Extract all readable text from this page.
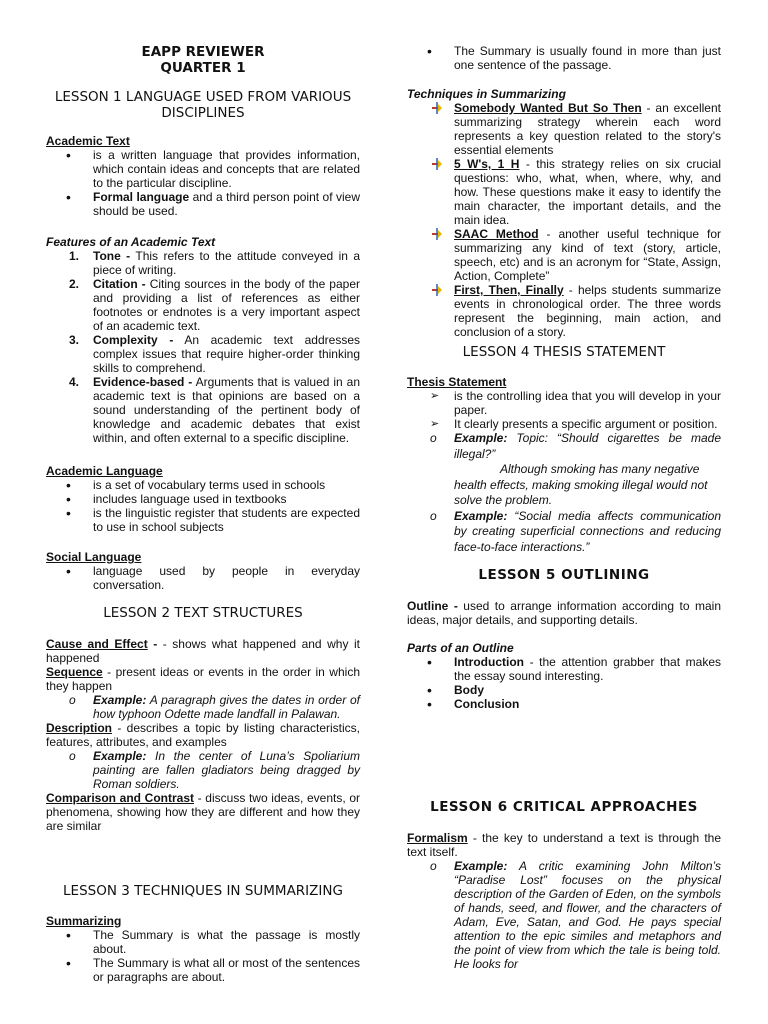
EAPP REVIEWER
QUARTER 1
LESSON 1 LANGUAGE USED FROM VARIOUS DISCIPLINES
Academic Text
• is a written language that provides information, which contain ideas and concepts that are related to the particular discipline.
• Formal language and a third person point of view should be used.
Features of an Academic Text
1. Tone - This refers to the attitude conveyed in a piece of writing.
2. Citation - Citing sources in the body of the paper and providing a list of references as either footnotes or endnotes is a very important aspect of an academic text.
3. Complexity - An academic text addresses complex issues that require higher-order thinking skills to comprehend.
4. Evidence-based - Arguments that is valued in an academic text is that opinions are based on a sound understanding of the pertinent body of knowledge and academic debates that exist within, and often external to a specific discipline.
Academic Language
• is a set of vocabulary terms used in schools
• includes language used in textbooks
• is the linguistic register that students are expected to use in school subjects
Social Language
• language used by people in everyday conversation.
LESSON 2 TEXT STRUCTURES
Cause and Effect - - shows what happened and why it happened
Sequence - present ideas or events in the order in which they happen
o Example: A paragraph gives the dates in order of how typhoon Odette made landfall in Palawan.
Description - describes a topic by listing characteristics, features, attributes, and examples
o Example: In the center of Luna’s Spoliarium painting are fallen gladiators being dragged by Roman soldiers.
Comparison and Contrast - discuss two ideas, events, or phenomena, showing how they are different and how they are similar
LESSON 3 TECHNIQUES IN SUMMARIZING
Summarizing
• The Summary is what the passage is mostly about.
• The Summary is what all or most of the sentences or paragraphs are about.
• The Summary is usually found in more than just one sentence of the passage.
Techniques in Summarizing
Somebody Wanted But So Then - an excellent summarizing strategy wherein each word represents a key question related to the story's essential elements
5 W's, 1 H - this strategy relies on six crucial questions: who, what, when, where, why, and how. These questions make it easy to identify the main character, the important details, and the main idea.
SAAC Method - another useful technique for summarizing any kind of text (story, article, speech, etc) and is an acronym for “State, Assign, Action, Complete”
First, Then, Finally - helps students summarize events in chronological order. The three words represent the beginning, main action, and conclusion of a story.
LESSON 4 THESIS STATEMENT
Thesis Statement
➢ is the controlling idea that you will develop in your paper.
➢ It clearly presents a specific argument or position.
o Example: Topic: “Should cigarettes be made illegal?”
Although smoking has many negative health effects, making smoking illegal would not solve the problem.
o Example: “Social media affects communication by creating superficial connections and reducing face-to-face interactions.”
LESSON 5 OUTLINING
Outline - used to arrange information according to main ideas, major details, and supporting details.
Parts of an Outline
• Introduction - the attention grabber that makes the essay sound interesting.
• Body
• Conclusion
LESSON 6 CRITICAL APPROACHES
Formalism - the key to understand a text is through the text itself.
o Example: A critic examining John Milton’s “Paradise Lost” focuses on the physical description of the Garden of Eden, on the symbols of hands, seed, and flower, and the characters of Adam, Eve, Satan, and God. He pays special attention to the epic similes and metaphors and the point of view from which the tale is being told. He looks for
